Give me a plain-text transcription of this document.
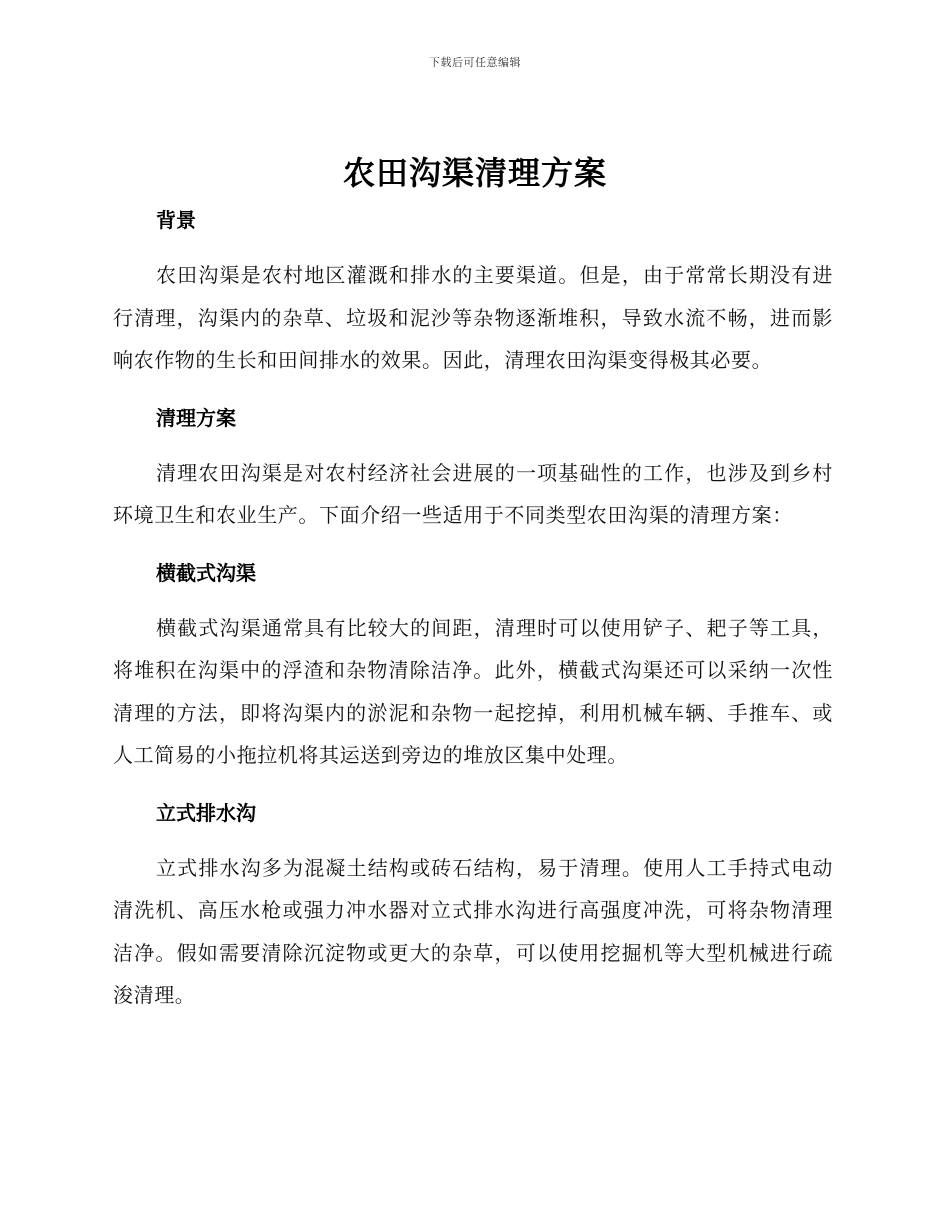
下载后可任意编辑
农田沟渠清理方案
背景

农田沟渠是农村地区灌溉和排水的主要渠道。但是，由于常常长期没有进行清理，沟渠内的杂草、垃圾和泥沙等杂物逐渐堆积，导致水流不畅，进而影响农作物的生长和田间排水的效果。因此，清理农田沟渠变得极其必要。

清理方案

清理农田沟渠是对农村经济社会进展的一项基础性的工作，也涉及到乡村环境卫生和农业生产。下面介绍一些适用于不同类型农田沟渠的清理方案：

横截式沟渠

横截式沟渠通常具有比较大的间距，清理时可以使用铲子、耙子等工具，将堆积在沟渠中的浮渣和杂物清除洁净。此外，横截式沟渠还可以采纳一次性清理的方法，即将沟渠内的淤泥和杂物一起挖掉，利用机械车辆、手推车、或人工简易的小拖拉机将其运送到旁边的堆放区集中处理。

立式排水沟

立式排水沟多为混凝土结构或砖石结构，易于清理。使用人工手持式电动清洗机、高压水枪或强力冲水器对立式排水沟进行高强度冲洗，可将杂物清理洁净。假如需要清除沉淀物或更大的杂草，可以使用挖掘机等大型机械进行疏浚清理。
